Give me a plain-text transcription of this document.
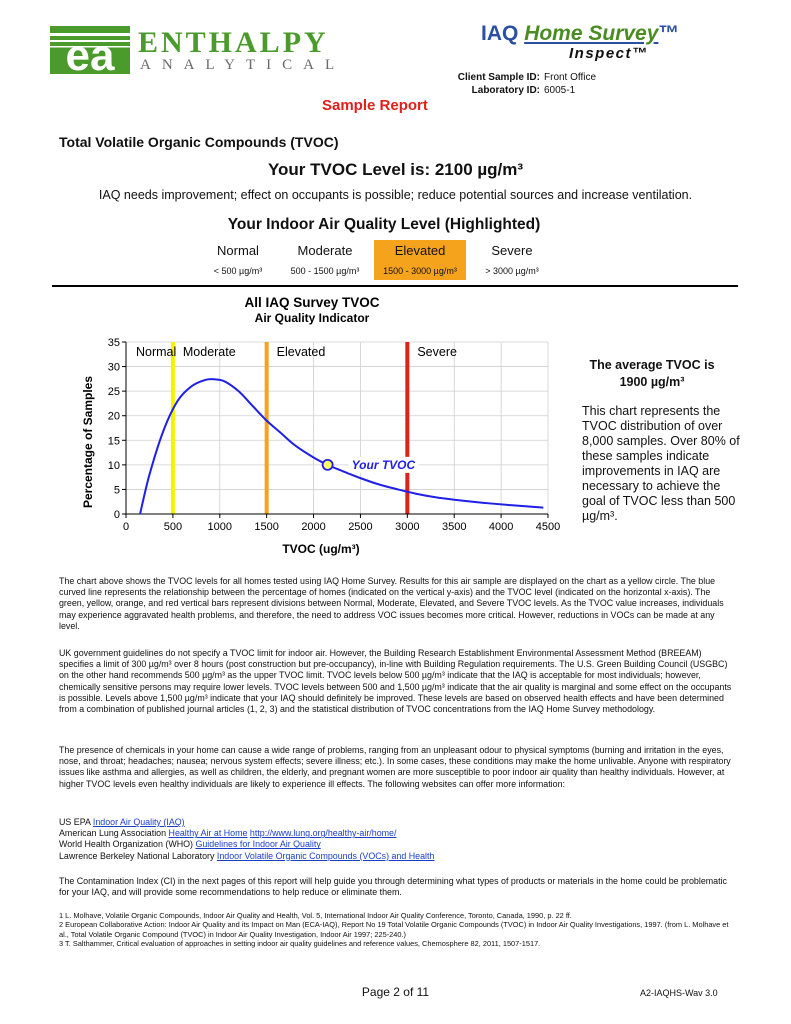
ea ENTHALPY
ANALYTICAL
IAQ Home Survey™
Inspect™
Client Sample ID: Front Office
Laboratory ID: 6005-1
Sample Report
Total Volatile Organic Compounds (TVOC)
Your TVOC Level is: 2100 µg/m³
IAQ needs improvement; effect on occupants is possible; reduce potential sources and increase ventilation.
Your Indoor Air Quality Level (Highlighted)
Normal
< 500 µg/m³
Moderate
500 - 1500 µg/m³
Elevated
1500 - 3000 µg/m³
Severe
> 3000 µg/m³
All IAQ Survey TVOC
Air Quality Indicator
Normal Moderate	Elevated	Severe
0
5
10
15
20
25
30
35
0	500 1000 1500 2000 2500 3000 3500 4000 4500
Your TVOC
TVOC (ug/m³)
Percentage of Samples
The average TVOC is
1900 µg/m³
This chart represents the TVOC distribution of over 8,000 samples. Over 80% of these samples indicate improvements in IAQ are necessary to achieve the goal of TVOC less than 500 µg/m³.
The chart above shows the TVOC levels for all homes tested using IAQ Home Survey. Results for this air sample are displayed on the chart as a yellow circle. The blue curved line represents the relationship between the percentage of homes (indicated on the vertical y-axis) and the TVOC level (indicated on the horizontal x-axis). The green, yellow, orange, and red vertical bars represent divisions between Normal, Moderate, Elevated, and Severe TVOC levels. As the TVOC value increases, individuals may experience aggravated health problems, and therefore, the need to address VOC issues becomes more critical. However, reductions in VOCs can be made at any level.
UK government guidelines do not specify a TVOC limit for indoor air. However, the Building Research Establishment Environmental Assessment Method (BREEAM) specifies a limit of 300 µg/m³ over 8 hours (post construction but pre-occupancy), in-line with Building Regulation requirements. The U.S. Green Building Council (USGBC) on the other hand recommends 500 µg/m³ as the upper TVOC limit. TVOC levels below 500 µg/m³ indicate that the IAQ is acceptable for most individuals; however, chemically sensitive persons may require lower levels. TVOC levels between 500 and 1,500 µg/m³ indicate that the air quality is marginal and some effect on the occupants is possible. Levels above 1,500 µg/m³ indicate that your IAQ should definitely be improved. These levels are based on observed health effects and have been determined from a combination of published journal articles (1, 2, 3) and the statistical distribution of TVOC concentrations from the IAQ Home Survey methodology.
The presence of chemicals in your home can cause a wide range of problems, ranging from an unpleasant odour to physical symptoms (burning and irritation in the eyes, nose, and throat; headaches; nausea; nervous system effects; severe illness; etc.). In some cases, these conditions may make the home unlivable. Anyone with respiratory issues like asthma and allergies, as well as children, the elderly, and pregnant women are more susceptible to poor indoor air quality than healthy individuals. However, at higher TVOC levels even healthy individuals are likely to experience ill effects. The following websites can offer more information:
US EPA Indoor Air Quality (IAQ)
American Lung Association Healthy Air at Home http://www.lung.org/healthy-air/home/
World Health Organization (WHO) Guidelines for Indoor Air Quality
Lawrence Berkeley National Laboratory Indoor Volatile Organic Compounds (VOCs) and Health
The Contamination Index (CI) in the next pages of this report will help guide you through determining what types of products or materials in the home could be problematic for your IAQ, and will provide some recommendations to help reduce or eliminate them.
1 L. Molhave, Volatile Organic Compounds, Indoor Air Quality and Health, Vol. 5, International Indoor Air Quality Conference, Toronto, Canada, 1990, p. 22 ff.
2 European Collaborative Action: Indoor Air Quality and its Impact on Man (ECA-IAQ), Report No 19 Total Volatile Organic Compounds (TVOC) in Indoor Air Quality Investigations, 1997. (from L. Molhave et al., Total Volatile Organic Compound (TVOC) in Indoor Air Quality Investigation, Indoor Air 1997; 225-240.)
3 T. Salthammer, Critical evaluation of approaches in setting indoor air quality guidelines and reference values, Chemosphere 82, 2011, 1507-1517.
Page 2 of 11	A2-IAQHS-Wav 3.0
